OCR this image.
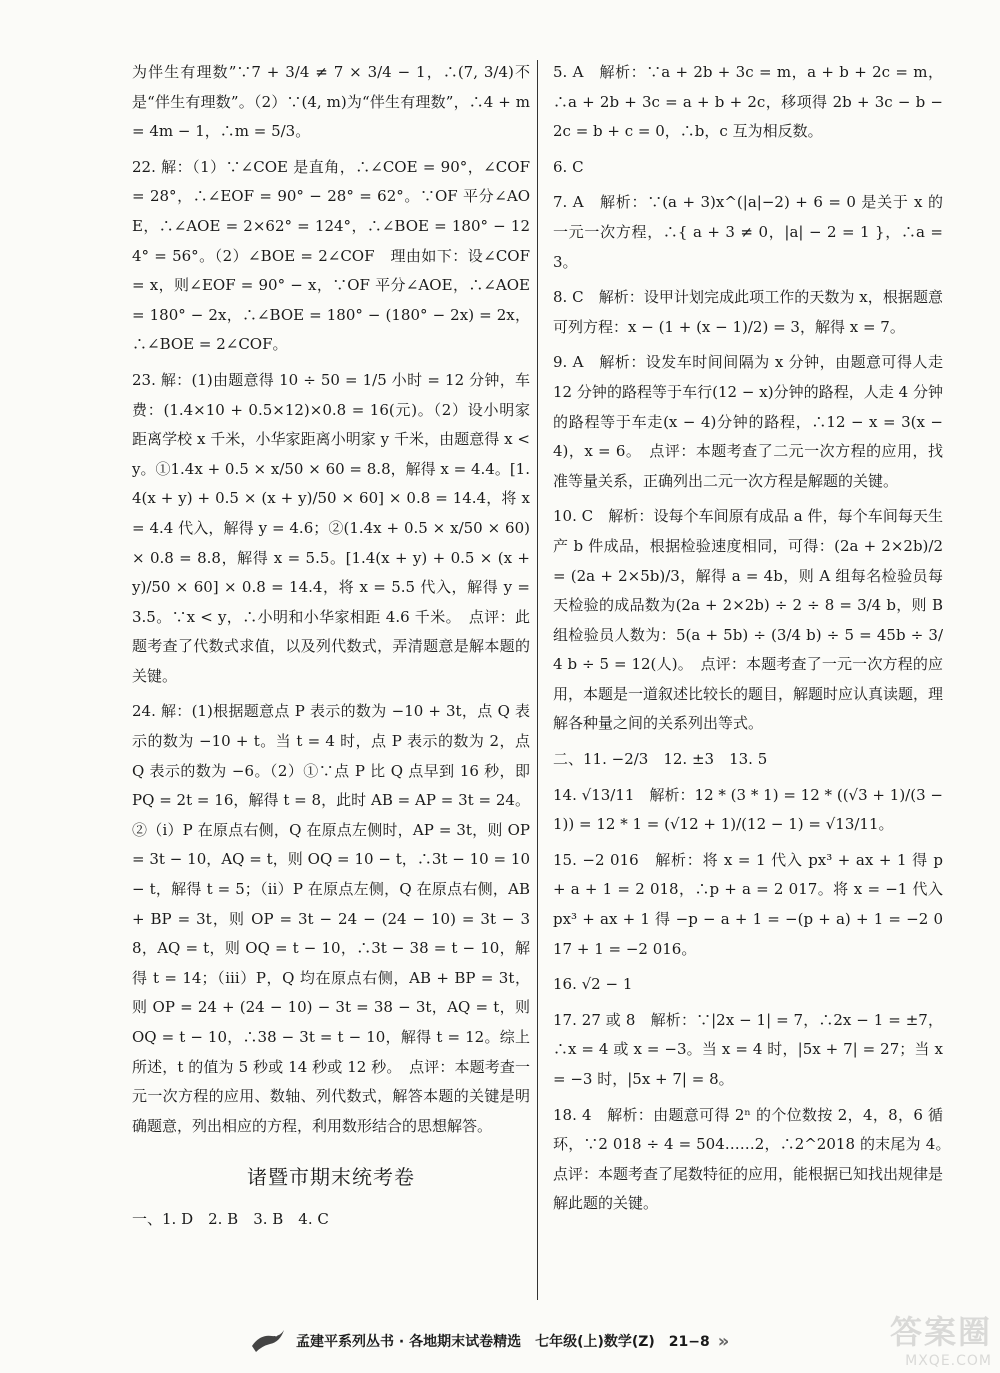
为伴生有理数”∵7 + 3/4 ≠ 7 × 3/4 − 1，∴(7, 3/4)不是“伴生有理数”。（2）∵(4, m)为“伴生有理数”，∴4 + m = 4m − 1，∴m = 5/3。

22. 解：（1）∵∠COE 是直角，∴∠COE = 90°，∠COF = 28°，∴∠EOF = 90° − 28° = 62°。∵OF 平分∠AOE，∴∠AOE = 2×62° = 124°，∴∠BOE = 180° − 124° = 56°。（2）∠BOE = 2∠COF　理由如下：设∠COF = x，则∠EOF = 90° − x，∵OF 平分∠AOE，∴∠AOE = 180° − 2x，∴∠BOE = 180° − (180° − 2x) = 2x，∴∠BOE = 2∠COF。

23. 解：(1)由题意得 10 ÷ 50 = 1/5 小时 = 12 分钟，车费：(1.4×10 + 0.5×12)×0.8 = 16(元)。（2）设小明家距离学校 x 千米，小华家距离小明家 y 千米，由题意得 x < y。①1.4x + 0.5 × x/50 × 60 = 8.8，解得 x = 4.4。[1.4(x + y) + 0.5 × (x + y)/50 × 60] × 0.8 = 14.4，将 x = 4.4 代入，解得 y = 4.6；②(1.4x + 0.5 × x/50 × 60) × 0.8 = 8.8，解得 x = 5.5。[1.4(x + y) + 0.5 × (x + y)/50 × 60] × 0.8 = 14.4，将 x = 5.5 代入，解得 y = 3.5。∵x < y，∴小明和小华家相距 4.6 千米。　点评：此题考查了代数式求值，以及列代数式，弄清题意是解本题的关键。

24. 解：(1)根据题意点 P 表示的数为 −10 + 3t，点 Q 表示的数为 −10 + t。当 t = 4 时，点 P 表示的数为 2，点 Q 表示的数为 −6。（2）①∵点 P 比 Q 点早到 16 秒，即 PQ = 2t = 16，解得 t = 8，此时 AB = AP = 3t = 24。②（ⅰ）P 在原点右侧，Q 在原点左侧时，AP = 3t，则 OP = 3t − 10，AQ = t，则 OQ = 10 − t，∴3t − 10 = 10 − t，解得 t = 5；（ⅱ）P 在原点左侧，Q 在原点右侧，AB + BP = 3t，则 OP = 3t − 24 − (24 − 10) = 3t − 38，AQ = t，则 OQ = t − 10，∴3t − 38 = t − 10，解得 t = 14；（ⅲ）P，Q 均在原点右侧，AB + BP = 3t，则 OP = 24 + (24 − 10) − 3t = 38 − 3t，AQ = t，则 OQ = t − 10，∴38 − 3t = t − 10，解得 t = 12。综上所述，t 的值为 5 秒或 14 秒或 12 秒。　点评：本题考查一元一次方程的应用、数轴、列代数式，解答本题的关键是明确题意，列出相应的方程，利用数形结合的思想解答。

诸暨市期末统考卷

一、1. D　2. B　3. B　4. C

5. A　解析：∵a + 2b + 3c = m，a + b + 2c = m，∴a + 2b + 3c = a + b + 2c，移项得 2b + 3c − b − 2c = b + c = 0，∴b，c 互为相反数。

6. C

7. A　解析：∵(a + 3)x^(|a|−2) + 6 = 0 是关于 x 的一元一次方程，∴{ a + 3 ≠ 0，|a| − 2 = 1 }，∴a = 3。

8. C　解析：设甲计划完成此项工作的天数为 x，根据题意可列方程：x − (1 + (x − 1)/2) = 3，解得 x = 7。

9. A　解析：设发车时间间隔为 x 分钟，由题意可得人走 12 分钟的路程等于车行(12 − x)分钟的路程，人走 4 分钟的路程等于车走(x − 4)分钟的路程，∴12 − x = 3(x − 4)，x = 6。　点评：本题考查了二元一次方程的应用，找准等量关系，正确列出二元一次方程是解题的关键。

10. C　解析：设每个车间原有成品 a 件，每个车间每天生产 b 件成品，根据检验速度相同，可得：(2a + 2×2b)/2 = (2a + 2×5b)/3，解得 a = 4b，则 A 组每名检验员每天检验的成品数为(2a + 2×2b) ÷ 2 ÷ 8 = 3/4 b，则 B 组检验员人数为：5(a + 5b) ÷ (3/4 b) ÷ 5 = 45b ÷ 3/4 b ÷ 5 = 12(人)。　点评：本题考查了一元一次方程的应用，本题是一道叙述比较长的题目，解题时应认真读题，理解各种量之间的关系列出等式。

二、11. −2/3　12. ±3　13. 5

14. √13/11　解析：12 * (3 * 1) = 12 * ((√3 + 1)/(3 − 1)) = 12 * 1 = (√12 + 1)/(12 − 1) = √13/11。

15. −2 016　解析：将 x = 1 代入 px³ + ax + 1 得 p + a + 1 = 2 018，∴p + a = 2 017。将 x = −1 代入 px³ + ax + 1 得 −p − a + 1 = −(p + a) + 1 = −2 017 + 1 = −2 016。

16. √2 − 1

17. 27 或 8　解析：∵|2x − 1| = 7，∴2x − 1 = ±7，∴x = 4 或 x = −3。当 x = 4 时，|5x + 7| = 27；当 x = −3 时，|5x + 7| = 8。

18. 4　解析：由题意可得 2ⁿ 的个位数按 2，4，8，6 循环，∵2 018 ÷ 4 = 504……2，∴2^2018 的末尾为 4。　点评：本题考查了尾数特征的应用，能根据已知找出规律是解此题的关键。

孟建平系列丛书 · 各地期末试卷精选　七年级(上)数学(Z)　21−8 »	答案圈
MXQE.COM
